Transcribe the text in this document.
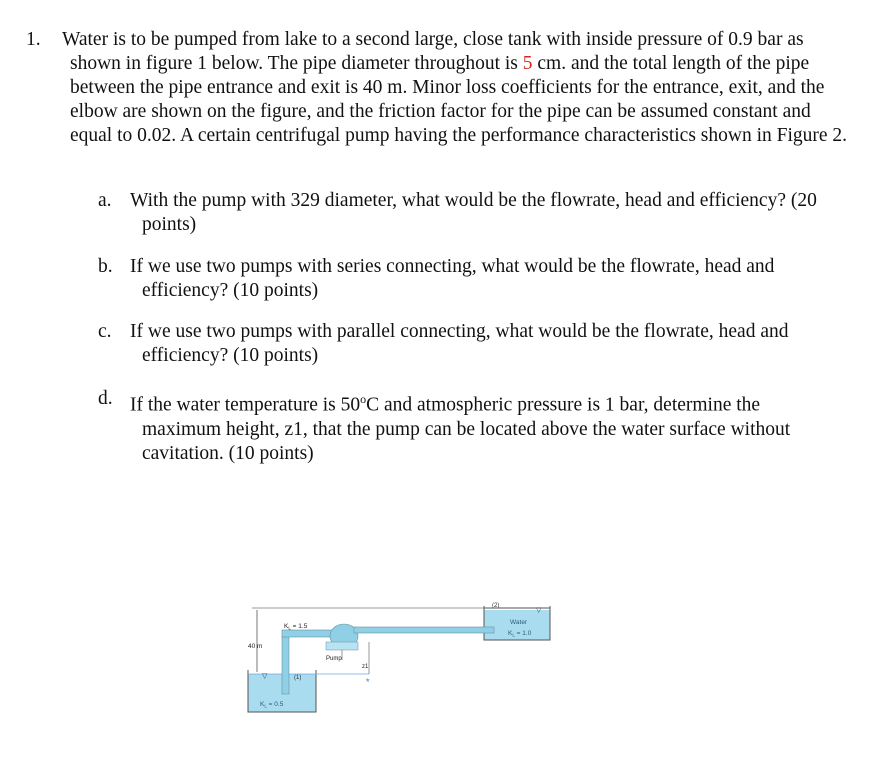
1.	Water is to be pumped from lake to a second large, close tank with inside pressure of 0.9 bar as shown in figure 1 below. The pipe diameter throughout is 5 cm. and the total length of the pipe between the pipe entrance and exit is 40 m. Minor loss coefficients for the entrance, exit, and the elbow are shown on the figure, and the friction factor for the pipe can be assumed constant and equal to 0.02. A certain centrifugal pump having the performance characteristics shown in Figure 2.
a. With the pump with 329 diameter, what would be the flowrate, head and efficiency? (20 points)
b. If we use two pumps with series connecting, what would be the flowrate, head and efficiency? (10 points)
c. If we use two pumps with parallel connecting, what would be the flowrate, head and efficiency? (10 points)
d. If the water temperature is 50$^o$C and atmospheric pressure is 1 bar, determine the maximum height, z1, that the pump can be located above the water surface without cavitation. (10 points)
▽
▽
40 m
z1
★
(2)
Water
$K_L = 1.0$
$K_L = 1.5$
Pump
(1)
$K_L = 0.5$
